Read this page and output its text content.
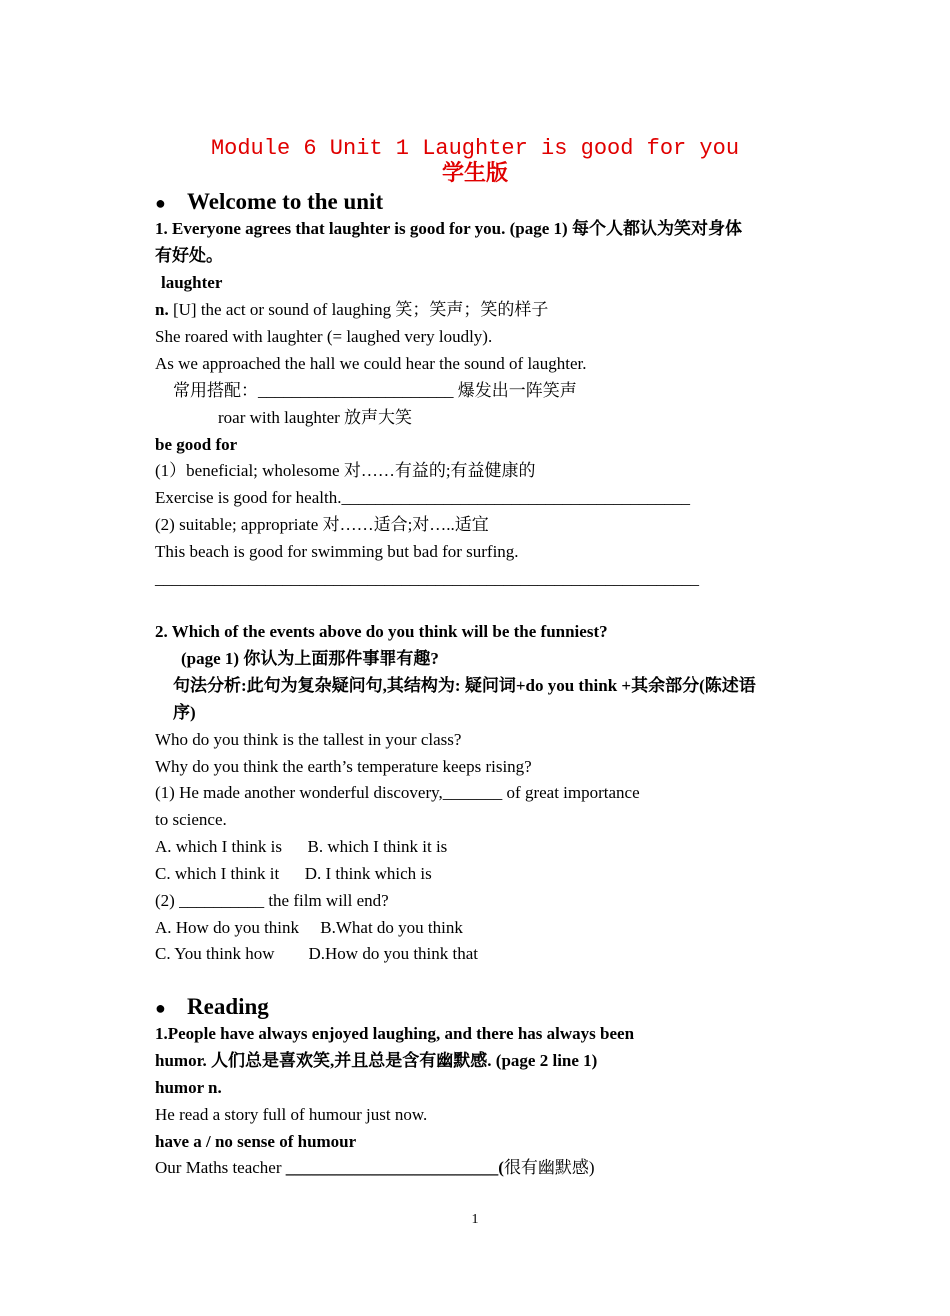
Module 6 Unit 1 Laughter is good for you
学生版
● Welcome to the unit
1. Everyone agrees that laughter is good for you. (page 1) 每个人都认为笑对身体
有好处。
laughter
n. [U] the act or sound of laughing 笑；笑声；笑的样子
She roared with laughter (= laughed very loudly).
As we approached the hall we could hear the sound of laughter.
常用搭配：_______________________ 爆发出一阵笑声
roar with laughter 放声大笑
be good for
(1）beneficial; wholesome 对……有益的;有益健康的
Exercise is good for health._________________________________________
(2) suitable; appropriate 对……适合;对…..适宜
This beach is good for swimming but bad for surfing.
________________________________________________________________
2. Which of the events above do you think will be the funniest?
(page 1) 你认为上面那件事罪有趣?
句法分析:此句为复杂疑问句,其结构为: 疑问词+do you think +其余部分(陈述语
序)
Who do you think is the tallest in your class?
Why do you think the earth’s temperature keeps rising?
(1) He made another wonderful discovery,_______ of great importance
to science.
A. which I think is      B. which I think it is
C. which I think it      D. I think which is
(2) __________ the film will end?
A. How do you think     B.What do you think
C. You think how        D.How do you think that
● Reading
1.People have always enjoyed laughing, and there has always been
humor. 人们总是喜欢笑,并且总是含有幽默感. (page 2 line 1)
humor n.
He read a story full of humour just now.
have a / no sense of humour
Our Maths teacher _________________________(很有幽默感)
1
